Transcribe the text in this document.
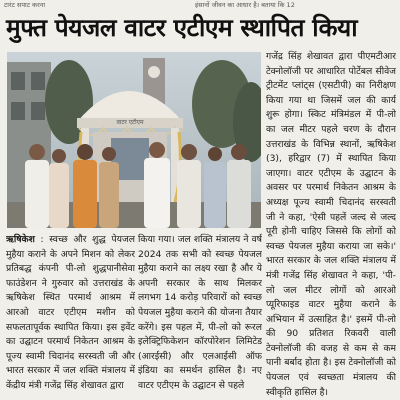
टारंट सपाट करना	इंसानों जीवन का आधार है। बताया कि 12
मुफ्त पेयजल वाटर एटीएम स्थापित किया
वाटर एटीएम

गजेंद्र सिंह शेखावत द्वारा पीएमटीआर टेक्नोलॉजी पर आधारित पोर्टेबल सीवेज ट्रीटमेंट प्लांट्स (एसटीपी) का निरीक्षण किया गया था जिसमें जल की कार्य शुरू होगा। स्किट मंत्रिमंडल में पी-लो का जल मीटर पहले चरण के दौरान उत्तराखंड के विभिन्न स्थानों, ऋषिकेश (3), हरिद्वार (7) में स्थापित किया जाएगा। वाटर एटीएम के उद्घाटन के अवसर पर परमार्थ निकेतन आश्रम के अध्यक्ष पूज्य स्वामी चिदानंद सरस्वती जी ने कहा, 'ऐसी पहलें जल्द से जल्द पूरी होनी चाहिए जिससे कि लोगों को स्वच्छ पेयजल मुहैया कराया जा सके।' भारत सरकार के जल शक्ति मंत्रालय में मंत्री गजेंद्र सिंह शेखावत ने कहा, 'पी-लो जल मीटर लोगों को आरओ प्यूरिफाइड वाटर मुहैया कराने के अभियान में उत्साहित है।' इसमें पी-लो की 90 प्रतिशत रिकवरी वाली टेक्नोलॉजी की वजह से कम से कम पानी बर्बाद होता है। इस टेक्नोलॉजी को पेयजल एवं स्वच्छता मंत्रालय की स्वीकृति हासिल है।

ऋषिकेश : स्वच्छ और शुद्ध पेयजल मुहैया कराने के अपने मिशन को लेकर प्रतिबद्ध कंपनी पी-लो शुद्धपानीसेवा फाउंडेशन ने गुरुवार को उत्तराखंड के ऋषिकेश स्थित परमार्थ आश्रम में आरओ वाटर एटीएम मशीन को सफलतापूर्वक स्थापित किया। इस इवेंट का उद्घाटन परमार्थ निकेतन आश्रम के पूज्य स्वामी चिदानंद सरस्वती जी और भारत सरकार में जल शक्ति मंत्रालय में केंद्रीय मंत्री गजेंद्र सिंह शेखावत द्वारा

किया गया। जल शक्ति मंत्रालय ने वर्ष 2024 तक सभी को स्वच्छ पेयजल मुहैया कराने का लक्ष्य रखा है और ये अपनी सरकार के साथ मिलकर लगभग 14 करोड़ परिवारों को स्वच्छ पेयजल मुहैया कराने की योजना तैयार करेंगे। इस पहल में, पी-लो को रूरल इलेक्ट्रिफिकेशन कॉरपोरेशन लिमिटेड (आरईसी) और एलआईसी ऑफ इंडिया का समर्थन हासिल है। नए वाटर एटीएम के उद्घाटन से पहले
